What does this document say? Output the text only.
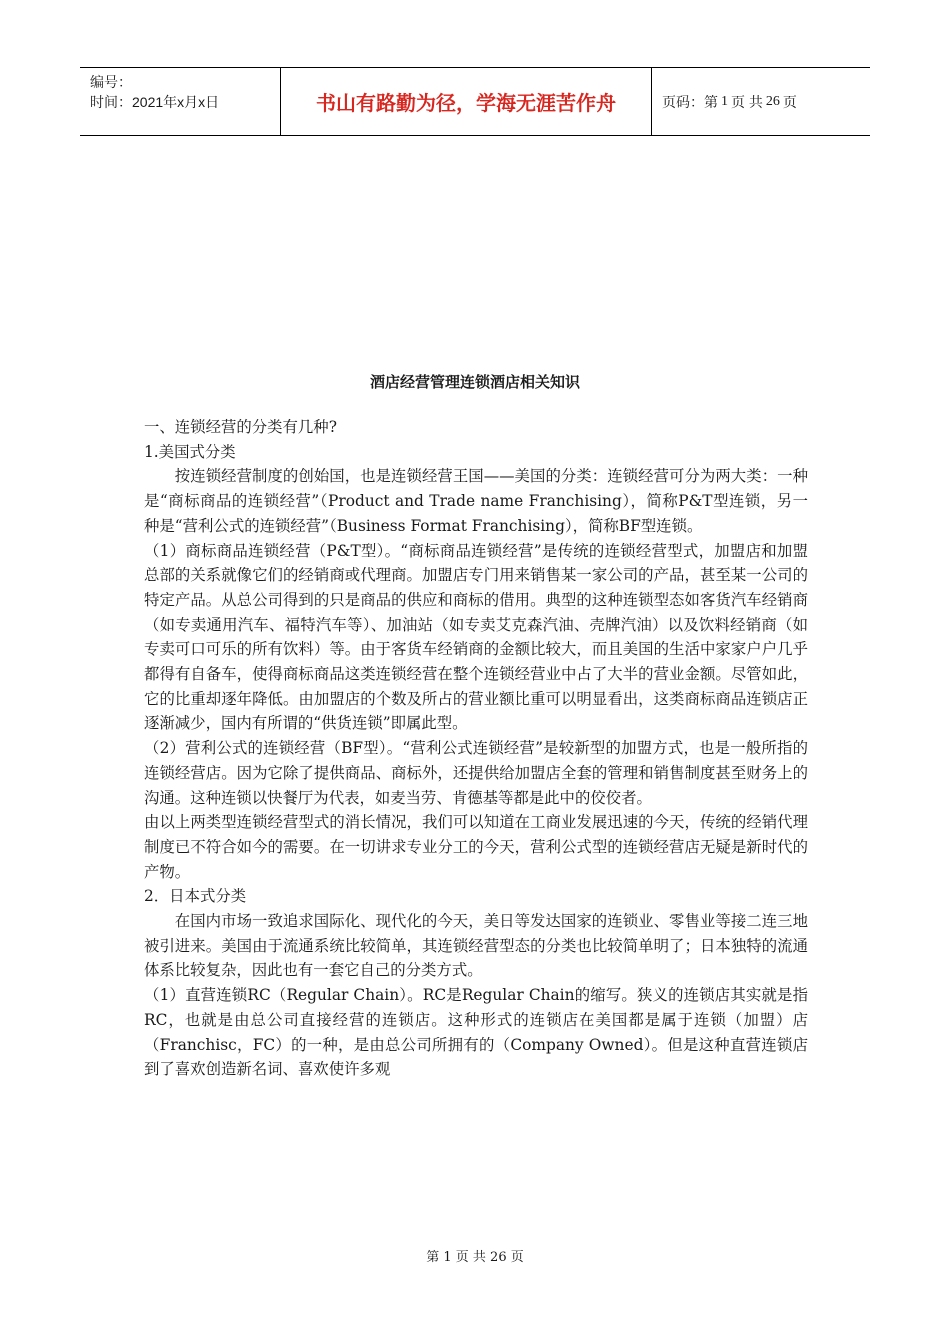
编号：
时间：2021年x月x日	书山有路勤为径，学海无涯苦作舟	页码：第 1 页 共 26 页
酒店经营管理连锁酒店相关知识

一、连锁经营的分类有几种?

1.美国式分类

按连锁经营制度的创始国，也是连锁经营王国——美国的分类：连锁经营可分为两大类：一种是“商标商品的连锁经营”（Product and Trade name Franchising），简称P&T型连锁，另一种是“营利公式的连锁经营”（Business Format Franchising），简称BF型连锁。

（1）商标商品连锁经营（P&T型）。“商标商品连锁经营”是传统的连锁经营型式，加盟店和加盟总部的关系就像它们的经销商或代理商。加盟店专门用来销售某一家公司的产品，甚至某一公司的特定产品。从总公司得到的只是商品的供应和商标的借用。典型的这种连锁型态如客货汽车经销商（如专卖通用汽车、福特汽车等）、加油站（如专卖艾克森汽油、壳牌汽油）以及饮料经销商（如专卖可口可乐的所有饮料）等。由于客货车经销商的金额比较大，而且美国的生活中家家户户几乎都得有自备车，使得商标商品这类连锁经营在整个连锁经营业中占了大半的营业金额。尽管如此，它的比重却逐年降低。由加盟店的个数及所占的营业额比重可以明显看出，这类商标商品连锁店正逐渐减少，国内有所谓的“供货连锁”即属此型。

（2）营利公式的连锁经营（BF型）。“营利公式连锁经营”是较新型的加盟方式，也是一般所指的连锁经营店。因为它除了提供商品、商标外，还提供给加盟店全套的管理和销售制度甚至财务上的沟通。这种连锁以快餐厅为代表，如麦当劳、肯德基等都是此中的佼佼者。

由以上两类型连锁经营型式的消长情况，我们可以知道在工商业发展迅速的今天，传统的经销代理制度已不符合如今的需要。在一切讲求专业分工的今天，营利公式型的连锁经营店无疑是新时代的产物。

2．日本式分类

在国内市场一致追求国际化、现代化的今天，美日等发达国家的连锁业、零售业等接二连三地被引进来。美国由于流通系统比较简单，其连锁经营型态的分类也比较简单明了；日本独特的流通体系比较复杂，因此也有一套它自己的分类方式。

（1）直营连锁RC（Regular Chain）。RC是Regular Chain的缩写。狭义的连锁店其实就是指RC，也就是由总公司直接经营的连锁店。这种形式的连锁店在美国都是属于连锁（加盟）店（Franchisc，FC）的一种，是由总公司所拥有的（Company Owned）。但是这种直营连锁店到了喜欢创造新名词、喜欢使许多观

第 1 页 共 26 页
